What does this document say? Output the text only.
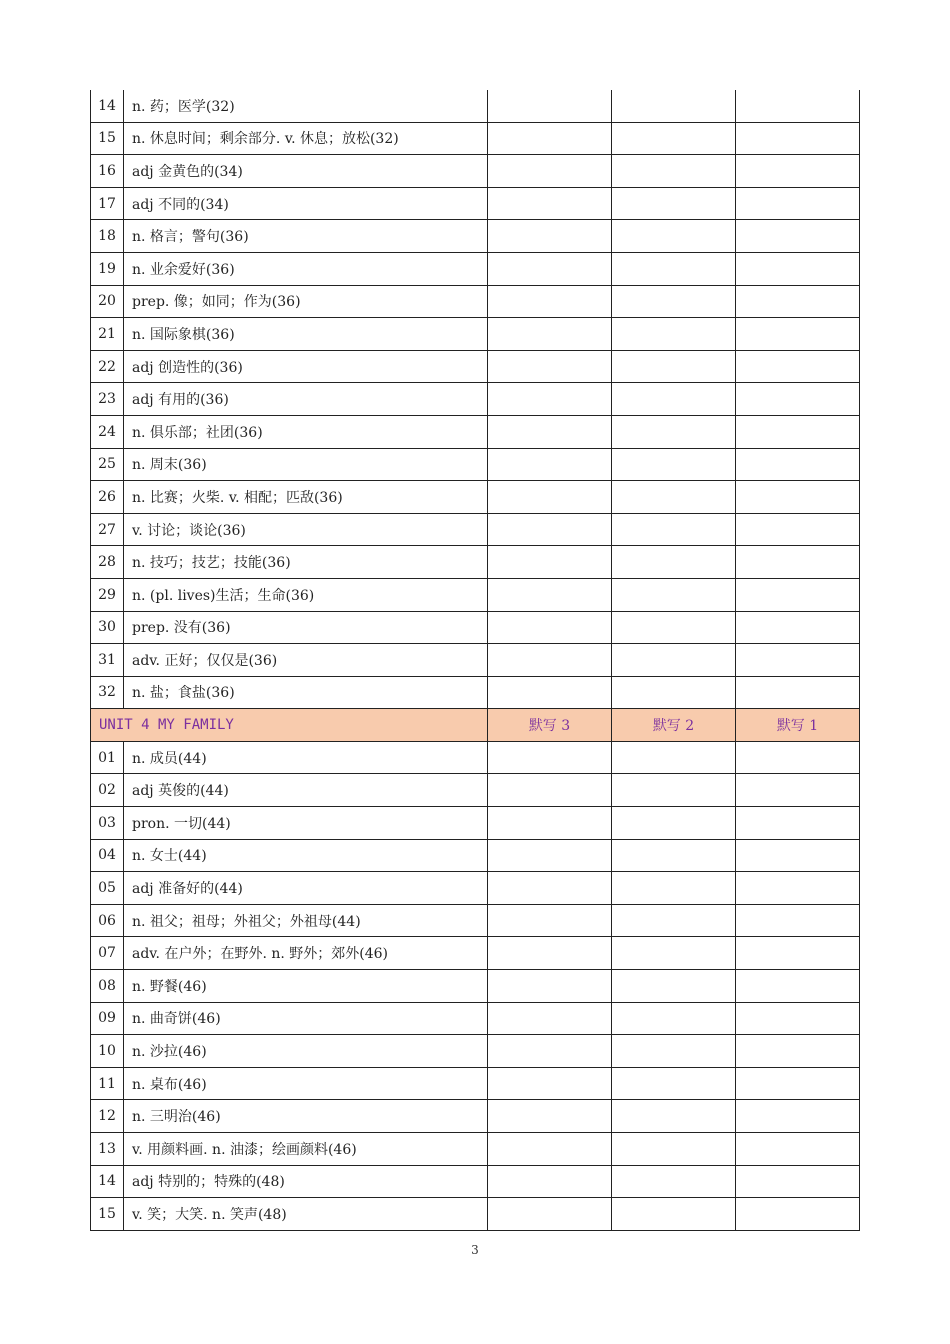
14	n. 药；医学(32)			
15	n. 休息时间；剩余部分. v. 休息；放松(32)			
16	adj 金黄色的(34)			
17	adj 不同的(34)			
18	n. 格言；警句(36)			
19	n. 业余爱好(36)			
20	prep. 像；如同；作为(36)			
21	n. 国际象棋(36)			
22	adj 创造性的(36)			
23	adj 有用的(36)			
24	n. 俱乐部；社团(36)			
25	n. 周末(36)			
26	n. 比赛；火柴. v. 相配；匹敌(36)			
27	v. 讨论；谈论(36)			
28	n. 技巧；技艺；技能(36)			
29	n. (pl. lives)生活；生命(36)			
30	prep. 没有(36)			
31	adv. 正好；仅仅是(36)			
32	n. 盐；食盐(36)			
UNIT 4 MY FAMILY		默写 3	默写 2	默写 1
01	n. 成员(44)			
02	adj 英俊的(44)			
03	pron. 一切(44)			
04	n. 女士(44)			
05	adj 准备好的(44)			
06	n. 祖父；祖母；外祖父；外祖母(44)			
07	adv. 在户外；在野外. n. 野外；郊外(46)			
08	n. 野餐(46)			
09	n. 曲奇饼(46)			
10	n. 沙拉(46)			
11	n. 桌布(46)			
12	n. 三明治(46)			
13	v. 用颜料画. n. 油漆；绘画颜料(46)			
14	adj 特别的；特殊的(48)			
15	v. 笑；大笑. n. 笑声(48)			
3
